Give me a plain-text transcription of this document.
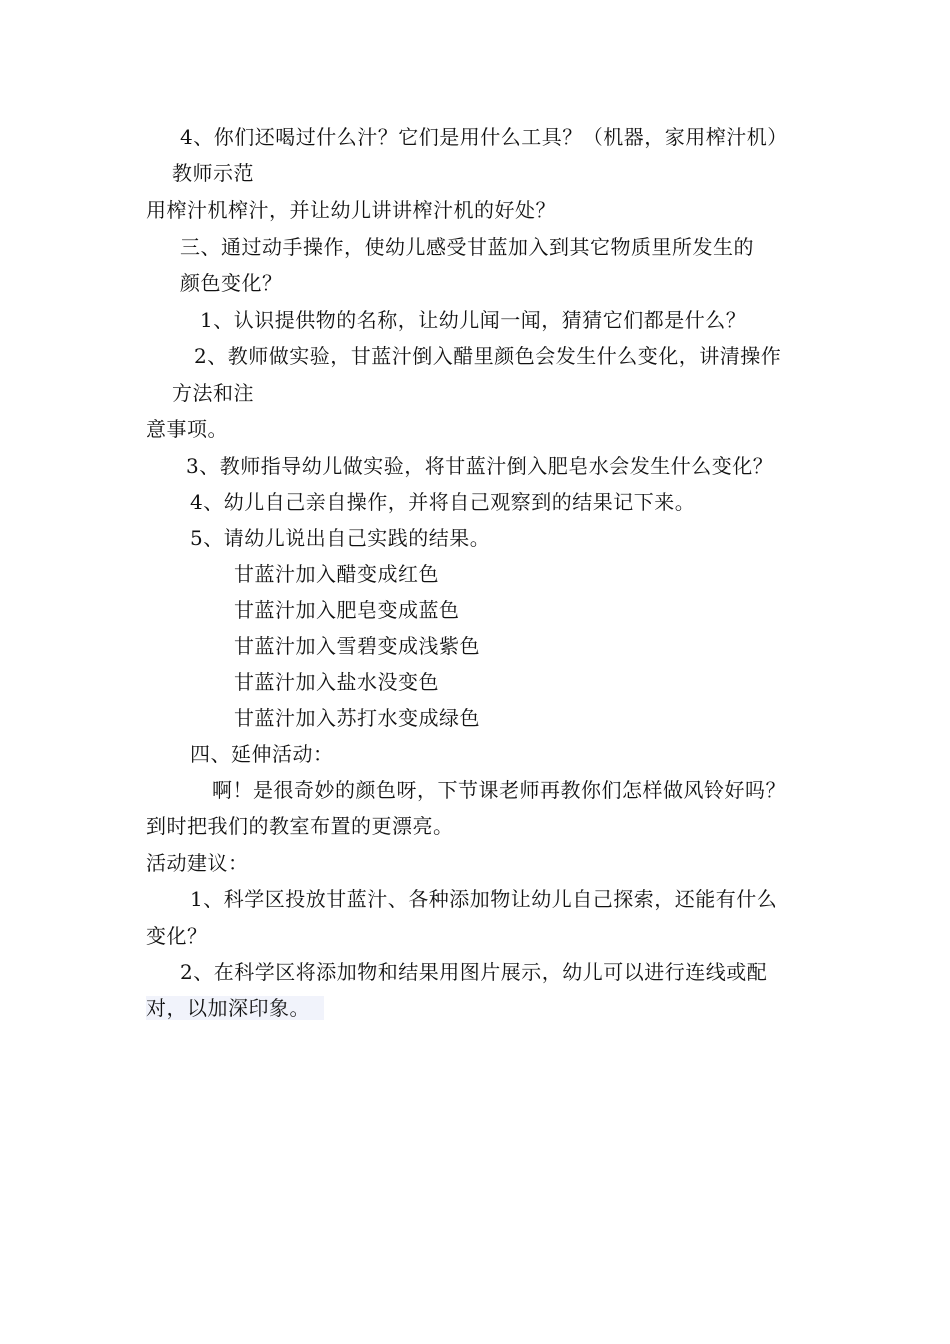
4、你们还喝过什么汁？它们是用什么工具？（机器，家用榨汁机）
教师示范
用榨汁机榨汁，并让幼儿讲讲榨汁机的好处？
三、通过动手操作，使幼儿感受甘蓝加入到其它物质里所发生的
颜色变化？
1、认识提供物的名称，让幼儿闻一闻，猜猜它们都是什么？
2、教师做实验，甘蓝汁倒入醋里颜色会发生什么变化，讲清操作
方法和注
意事项。
3、教师指导幼儿做实验，将甘蓝汁倒入肥皂水会发生什么变化？
4、幼儿自己亲自操作，并将自己观察到的结果记下来。
5、请幼儿说出自己实践的结果。
甘蓝汁加入醋变成红色
甘蓝汁加入肥皂变成蓝色
甘蓝汁加入雪碧变成浅紫色
甘蓝汁加入盐水没变色
甘蓝汁加入苏打水变成绿色
四、延伸活动：
啊！是很奇妙的颜色呀，下节课老师再教你们怎样做风铃好吗？
到时把我们的教室布置的更漂亮。
活动建议：
1、科学区投放甘蓝汁、各种添加物让幼儿自己探索，还能有什么
变化？
2、在科学区将添加物和结果用图片展示，幼儿可以进行连线或配
对，以加深印象。
